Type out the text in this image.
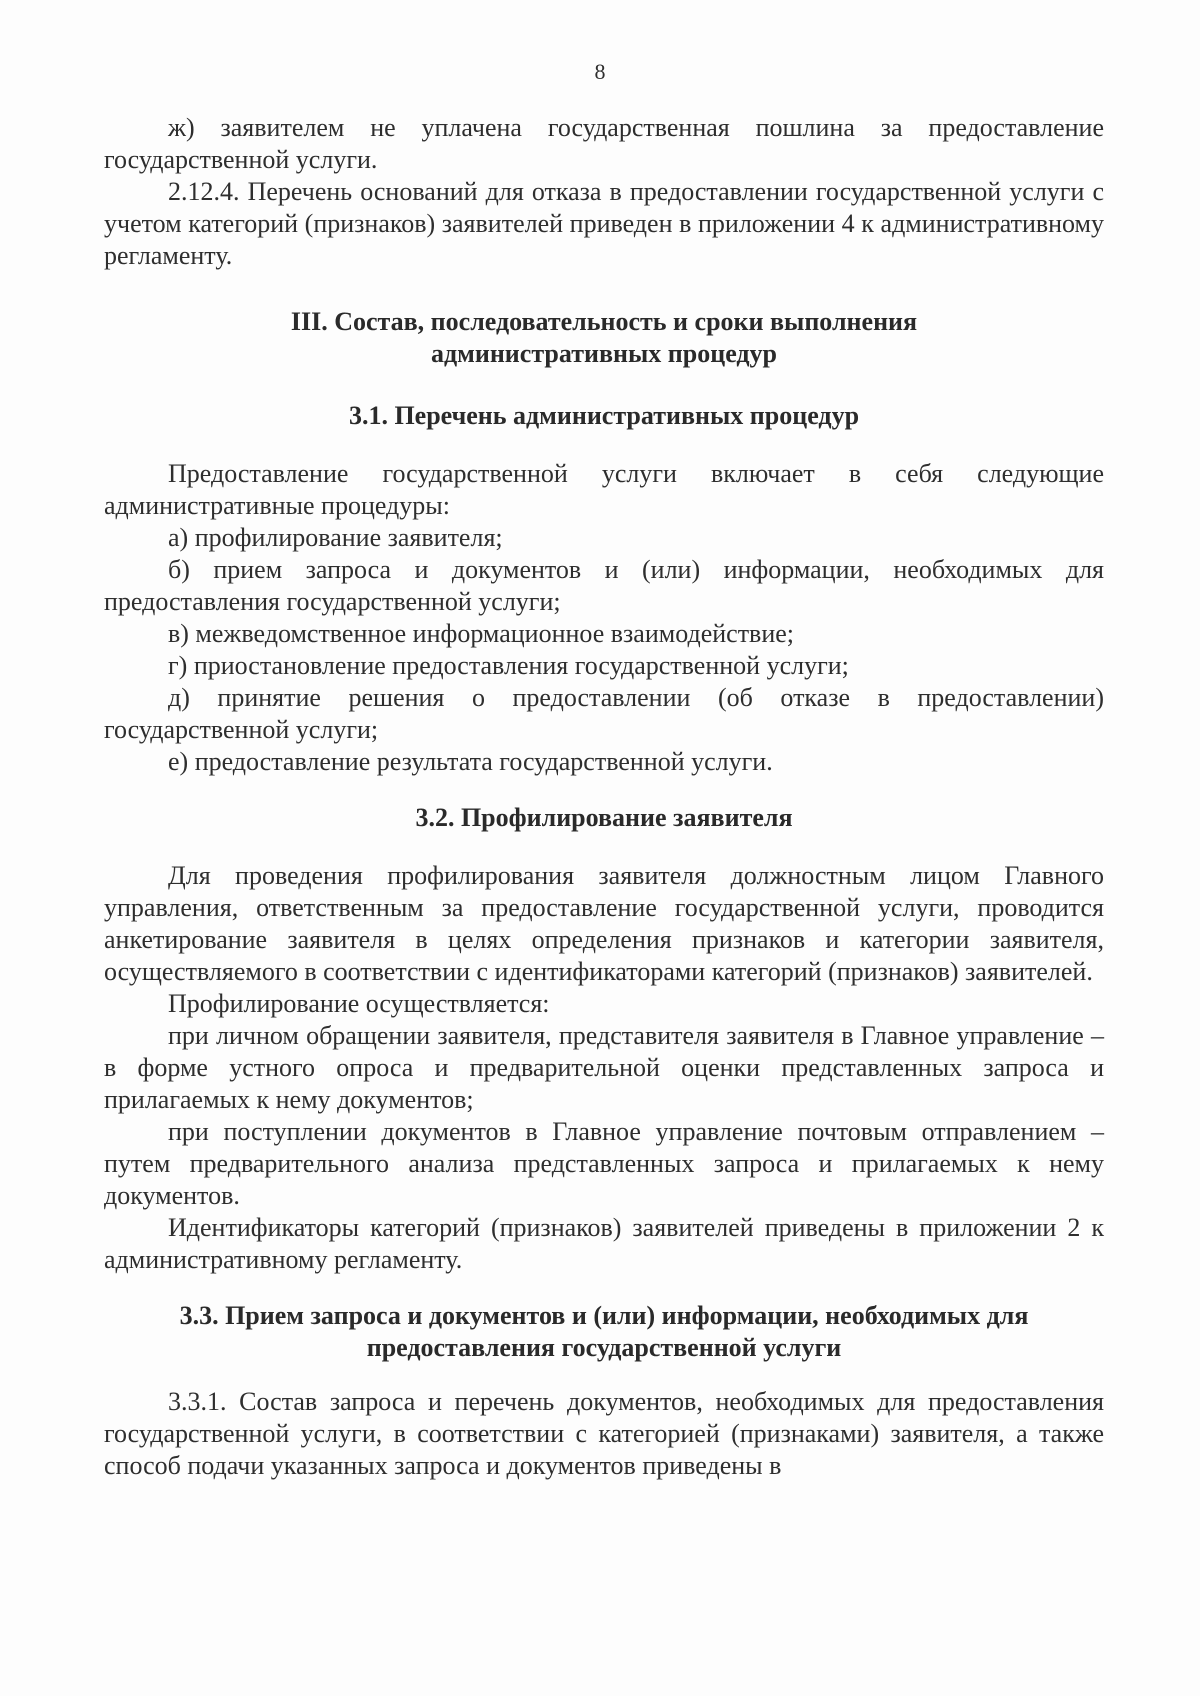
8

ж) заявителем не уплачена государственная пошлина за предоставление государственной услуги.

2.12.4. Перечень оснований для отказа в предоставлении государственной услуги с учетом категорий (признаков) заявителей приведен в приложении 4 к административному регламенту.

III. Состав, последовательность и сроки выполнения
административных процедур
3.1. Перечень административных процедур

Предоставление государственной услуги включает в себя следующие административные процедуры:

а) профилирование заявителя;

б) прием запроса и документов и (или) информации, необходимых для предоставления государственной услуги;

в) межведомственное информационное взаимодействие;

г) приостановление предоставления государственной услуги;

д) принятие решения о предоставлении (об отказе в предоставлении) государственной услуги;

е) предоставление результата государственной услуги.

3.2. Профилирование заявителя

Для проведения профилирования заявителя должностным лицом Главного управления, ответственным за предоставление государственной услуги, проводится анкетирование заявителя в целях определения признаков и категории заявителя, осуществляемого в соответствии с идентификаторами категорий (признаков) заявителей.

Профилирование осуществляется:

при личном обращении заявителя, представителя заявителя в Главное управление – в форме устного опроса и предварительной оценки представленных запроса и прилагаемых к нему документов;

при поступлении документов в Главное управление почтовым отправлением – путем предварительного анализа представленных запроса и прилагаемых к нему документов.

Идентификаторы категорий (признаков) заявителей приведены в приложении 2 к административному регламенту.

3.3. Прием запроса и документов и (или) информации, необходимых для
предоставления государственной услуги

3.3.1. Состав запроса и перечень документов, необходимых для предоставления государственной услуги, в соответствии с категорией (признаками) заявителя, а также способ подачи указанных запроса и документов приведены в
